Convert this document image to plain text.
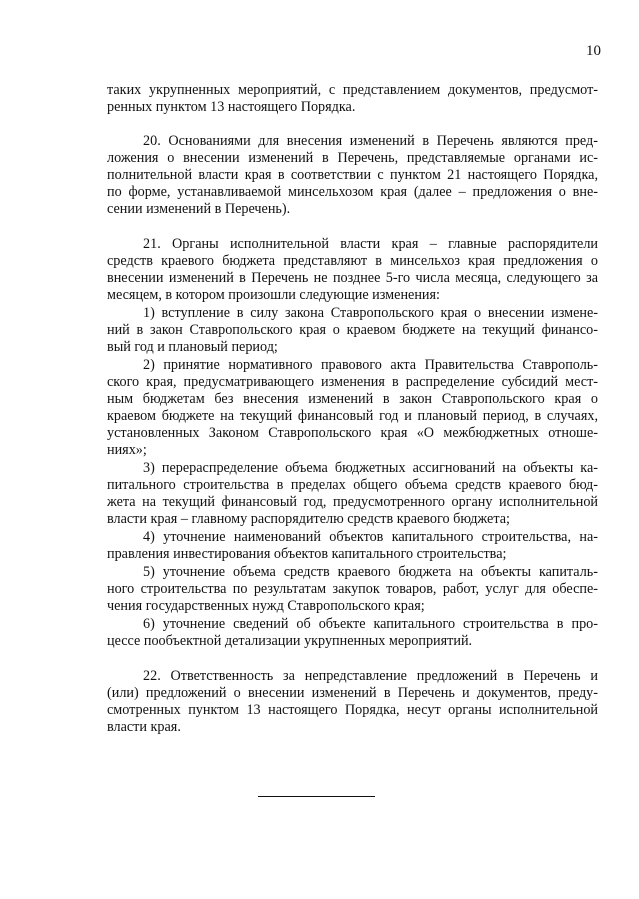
10
таких укрупненных мероприятий, с представлением документов, предусмот-
ренных пунктом 13 настоящего Порядка.
20. Основаниями для внесения изменений в Перечень являются пред-
ложения о внесении изменений в Перечень, представляемые органами ис-
полнительной власти края в соответствии с пунктом 21 настоящего Порядка,
по форме, устанавливаемой минсельхозом края (далее – предложения о вне-
сении изменений в Перечень).
21. Органы исполнительной власти края – главные распорядители
средств краевого бюджета представляют в минсельхоз края предложения о
внесении изменений в Перечень не позднее 5-го числа месяца, следующего за
месяцем, в котором произошли следующие изменения:
1) вступление в силу закона Ставропольского края о внесении измене-
ний в закон Ставропольского края о краевом бюджете на текущий финансо-
вый год и плановый период;
2) принятие нормативного правового акта Правительства Ставрополь-
ского края, предусматривающего изменения в распределение субсидий мест-
ным бюджетам без внесения изменений в закон Ставропольского края о
краевом бюджете на текущий финансовый год и плановый период, в случаях,
установленных Законом Ставропольского края «О межбюджетных отноше-
ниях»;
3) перераспределение объема бюджетных ассигнований на объекты ка-
питального строительства в пределах общего объема средств краевого бюд-
жета на текущий финансовый год, предусмотренного органу исполнительной
власти края – главному распорядителю средств краевого бюджета;
4) уточнение наименований объектов капитального строительства, на-
правления инвестирования объектов капитального строительства;
5) уточнение объема средств краевого бюджета на объекты капиталь-
ного строительства по результатам закупок товаров, работ, услуг для обеспе-
чения государственных нужд Ставропольского края;
6) уточнение сведений об объекте капитального строительства в про-
цессе пообъектной детализации укрупненных мероприятий.
22. Ответственность за непредставление предложений в Перечень и
(или) предложений о внесении изменений в Перечень и документов, преду-
смотренных пунктом 13 настоящего Порядка, несут органы исполнительной
власти края.
